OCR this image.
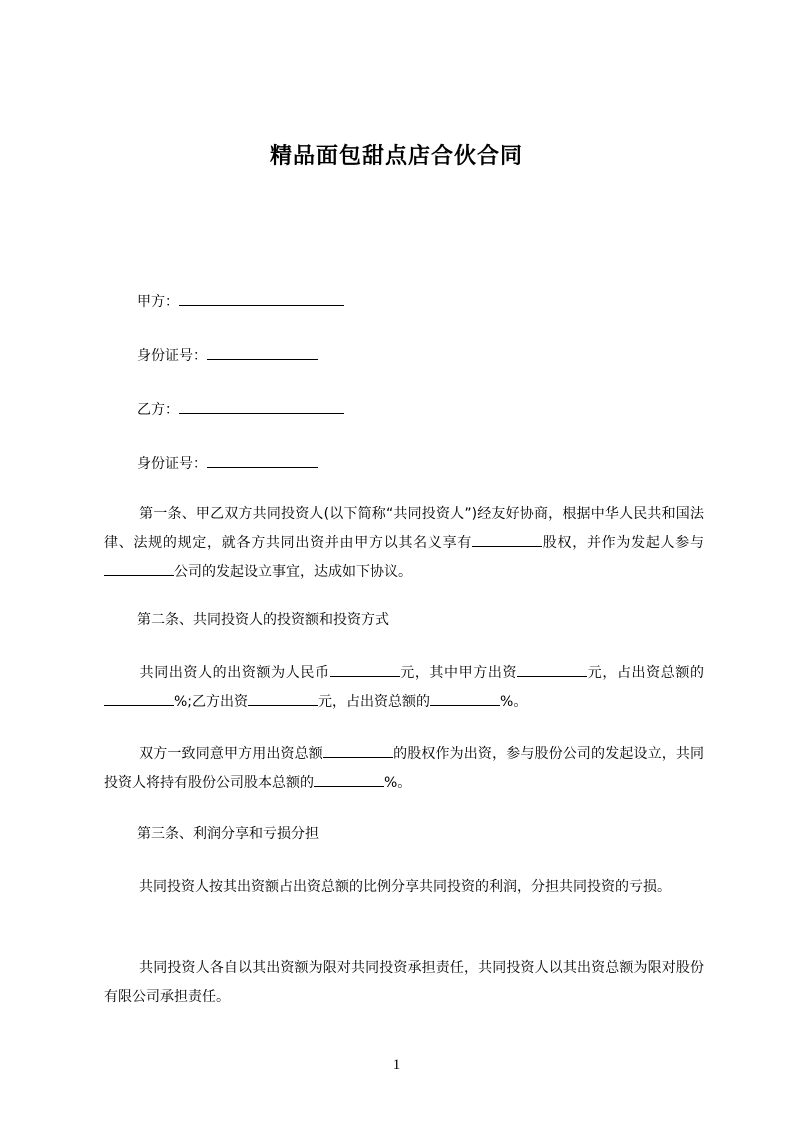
精品面包甜点店合伙合同
甲方：
身份证号：
乙方：
身份证号：
第一条、甲乙双方共同投资人(以下简称“共同投资人”)经友好协商，根据中华人民共和国法律、法规的规定，就各方共同出资并由甲方以其名义享有	股权，并作为发起人参与公司的发起设立事宜，达成如下协议。
第二条、共同投资人的投资额和投资方式
共同出资人的出资额为人民币	元，其中甲方出资	元，占出资总额的%;乙方出资	元，占出资总额的	%。
双方一致同意甲方用出资总额	的股权作为出资，参与股份公司的发起设立，共同投资人将持有股份公司股本总额的	%。
第三条、利润分享和亏损分担
共同投资人按其出资额占出资总额的比例分享共同投资的利润，分担共同投资的亏损。
共同投资人各自以其出资额为限对共同投资承担责任，共同投资人以其出资总额为限对股份有限公司承担责任。
1
